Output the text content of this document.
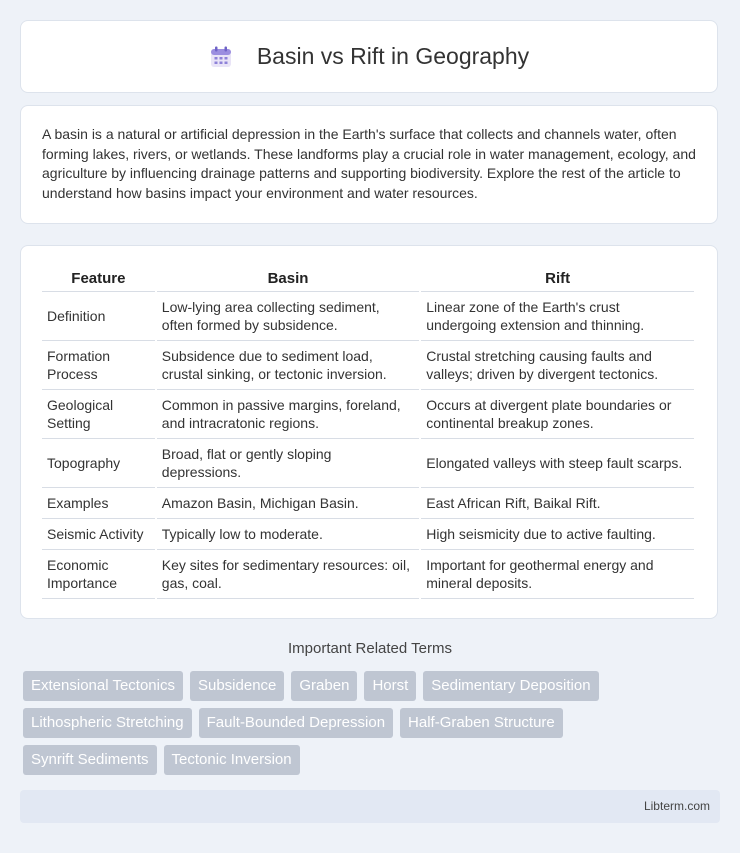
Basin vs Rift in Geography

A basin is a natural or artificial depression in the Earth's surface that collects and channels water, often forming lakes, rivers, or wetlands. These landforms play a crucial role in water management, ecology, and agriculture by influencing drainage patterns and supporting biodiversity. Explore the rest of the article to understand how basins impact your environment and water resources.

Feature	Basin	Rift
Definition	Low-lying area collecting sediment, often formed by subsidence.	Linear zone of the Earth's crust undergoing extension and thinning.
Formation Process	Subsidence due to sediment load, crustal sinking, or tectonic inversion.	Crustal stretching causing faults and valleys; driven by divergent tectonics.
Geological Setting	Common in passive margins, foreland, and intracratonic regions.	Occurs at divergent plate boundaries or continental breakup zones.
Topography	Broad, flat or gently sloping depressions.	Elongated valleys with steep fault scarps.
Examples	Amazon Basin, Michigan Basin.	East African Rift, Baikal Rift.
Seismic Activity	Typically low to moderate.	High seismicity due to active faulting.
Economic Importance	Key sites for sedimentary resources: oil, gas, coal.	Important for geothermal energy and mineral deposits.
Important Related Terms
Extensional Tectonics	Subsidence	Graben	Horst	Sedimentary Deposition
Lithospheric Stretching	Fault-Bounded Depression	Half-Graben Structure
Synrift Sediments	Tectonic Inversion
Libterm.com
